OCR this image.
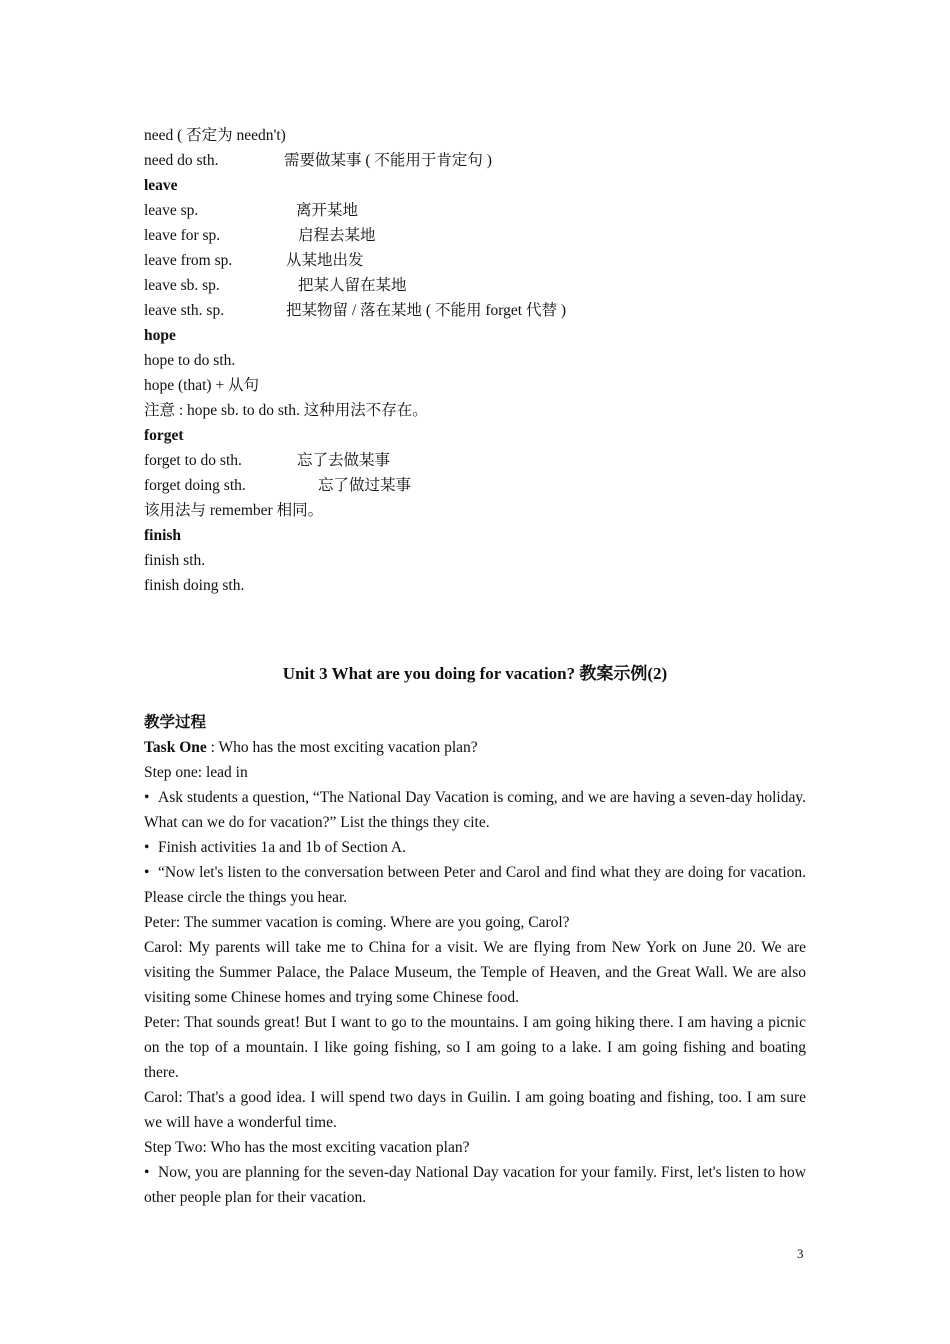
need ( 否定为 needn't)
need do sth.	需要做某事 ( 不能用于肯定句 )
leave
leave sp.	离开某地
leave for sp.	启程去某地
leave from sp.	从某地出发
leave sb. sp.	把某人留在某地
leave sth. sp.	把某物留 / 落在某地 ( 不能用 forget 代替 )
hope
hope to do sth.
hope (that) + 从句
注意 : hope sb. to do sth. 这种用法不存在。
forget
forget to do sth.	忘了去做某事
forget doing sth.	忘了做过某事
该用法与 remember 相同。
finish
finish sth.
finish doing sth.
Unit 3 What are you doing for vacation? 教案示例(2)
教学过程
Task One : Who has the most exciting vacation plan?
Step one: lead in
• Ask students a question, “The National Day Vacation is coming, and we are having a seven-day holiday. What can we do for vacation?” List the things they cite.
• Finish activities 1a and 1b of Section A.
• “Now let's listen to the conversation between Peter and Carol and find what they are doing for vacation. Please circle the things you hear.
Peter: The summer vacation is coming. Where are you going, Carol?
Carol: My parents will take me to China for a visit. We are flying from New York on June 20. We are visiting the Summer Palace, the Palace Museum, the Temple of Heaven, and the Great Wall. We are also visiting some Chinese homes and trying some Chinese food.
Peter: That sounds great! But I want to go to the mountains. I am going hiking there. I am having a picnic on the top of a mountain. I like going fishing, so I am going to a lake. I am going fishing and boating there.
Carol: That's a good idea. I will spend two days in Guilin. I am going boating and fishing, too. I am sure we will have a wonderful time.
Step Two: Who has the most exciting vacation plan?
• Now, you are planning for the seven-day National Day vacation for your family. First, let's listen to how other people plan for their vacation.
3
